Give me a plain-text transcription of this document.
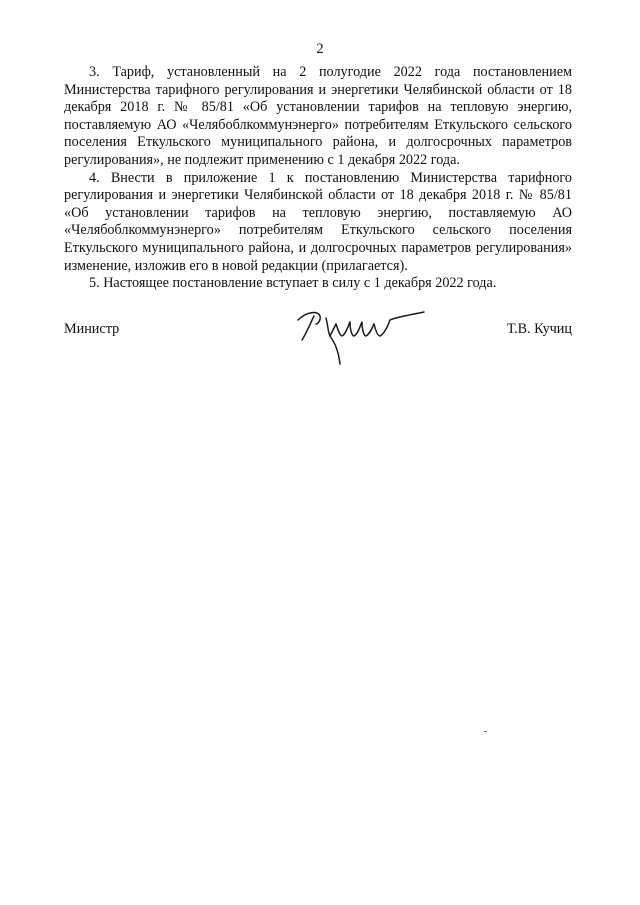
2

3. Тариф, установленный на 2 полугодие 2022 года постановлением Министерства тарифного регулирования и энергетики Челябинской области от 18 декабря 2018 г. № 85/81 «Об установлении тарифов на тепловую энергию, поставляемую АО «Челябоблкоммунэнерго» потребителям Еткульского сельского поселения Еткульского муниципального района, и долгосрочных параметров регулирования», не подлежит применению с 1 декабря 2022 года.

4. Внести в приложение 1 к постановлению Министерства тарифного регулирования и энергетики Челябинской области от 18 декабря 2018 г. № 85/81 «Об установлении тарифов на тепловую энергию, поставляемую АО «Челябоблкоммунэнерго» потребителям Еткульского сельского поселения Еткульского муниципального района, и долгосрочных параметров регулирования» изменение, изложив его в новой редакции (прилагается).

5. Настоящее постановление вступает в силу с 1 декабря 2022 года.

Министр	Т.В. Кучиц
